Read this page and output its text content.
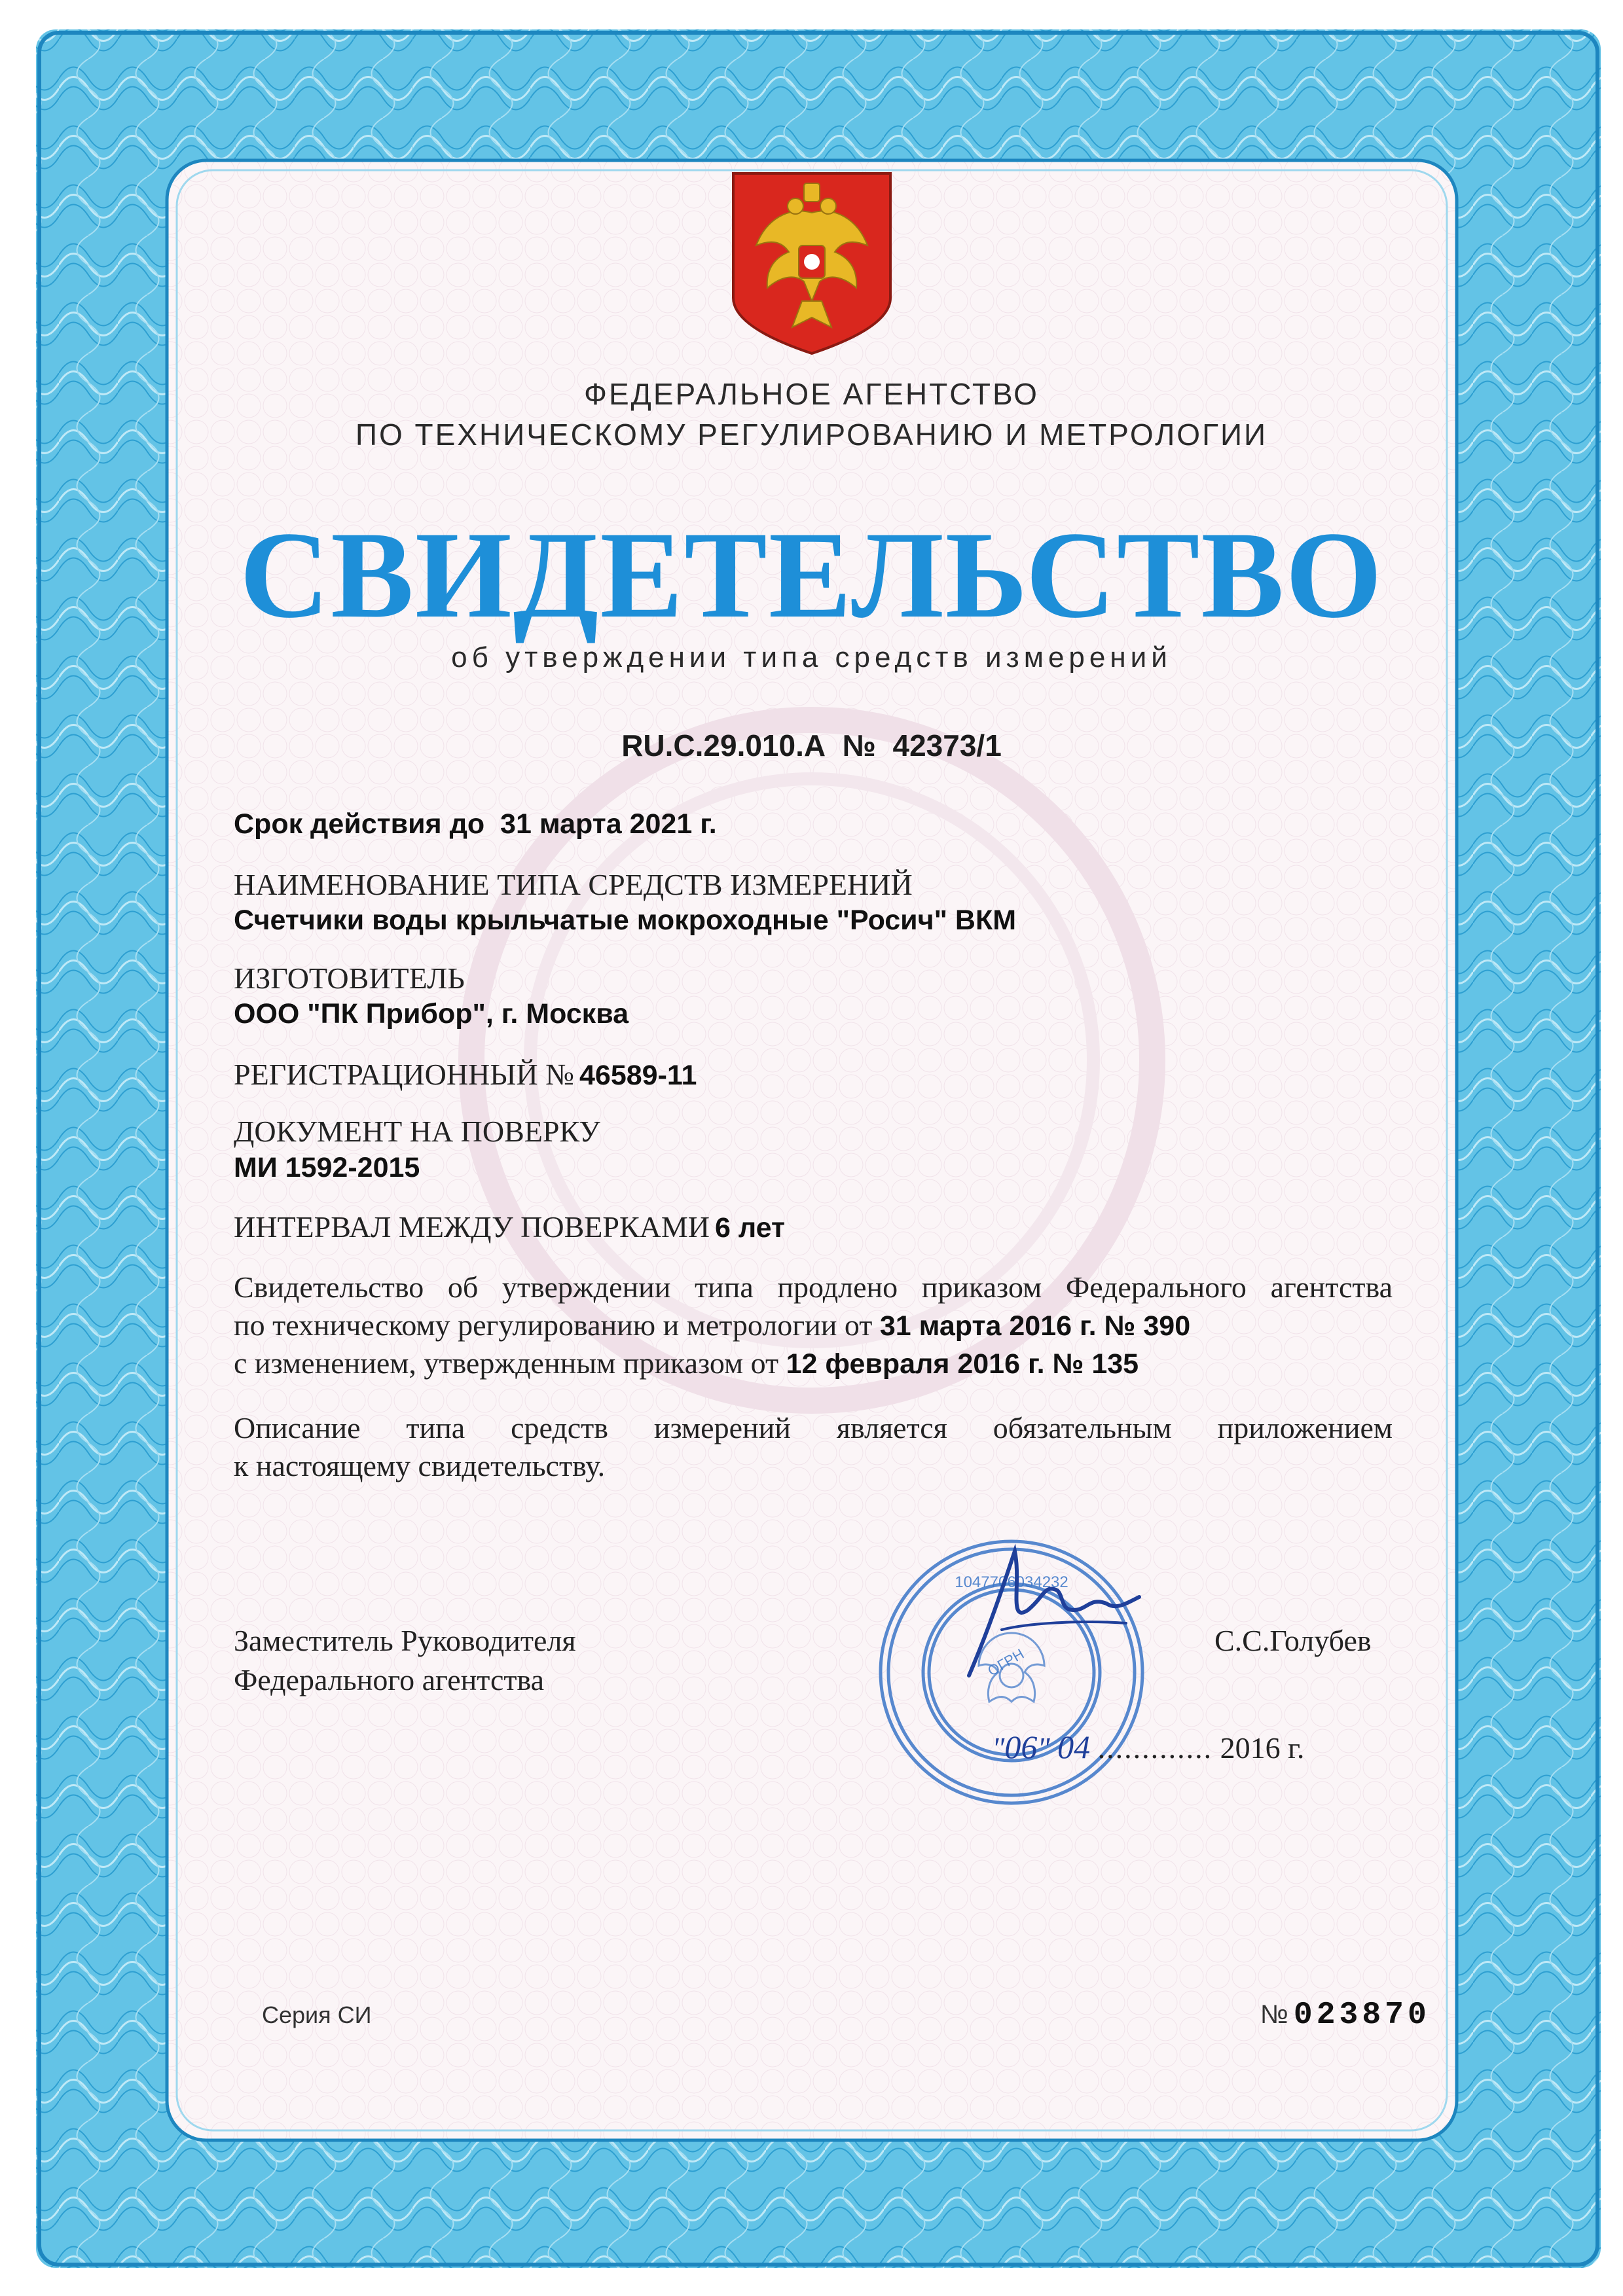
ФЕДЕРАЛЬНОЕ АГЕНТСТВО
ПО ТЕХНИЧЕСКОМУ РЕГУЛИРОВАНИЮ И МЕТРОЛОГИИ
СВИДЕТЕЛЬСТВО
об утверждении типа средств измерений
RU.C.29.010.A № 42373/1
Срок действия до 31 марта 2021 г.
НАИМЕНОВАНИЕ ТИПА СРЕДСТВ ИЗМЕРЕНИЙ
Счетчики воды крыльчатые мокроходные "Росич" ВКМ
ИЗГОТОВИТЕЛЬ
ООО "ПК Прибор", г. Москва
РЕГИСТРАЦИОННЫЙ № 46589-11
ДОКУМЕНТ НА ПОВЕРКУ
МИ 1592-2015
ИНТЕРВАЛ МЕЖДУ ПОВЕРКАМИ 6 лет
Свидетельство об утверждении типа продлено приказом Федерального агентства
по техническому регулированию и метрологии от 31 марта 2016 г. № 390
с изменением, утвержденным приказом от 12 февраля 2016 г. № 135
Описание типа средств измерений является обязательным приложением
к настоящему свидетельству.
Заместитель Руководителя
Федерального агентства
С.С.Голубев
ОГРН
1047706034232
"06" 04 ............. 2016 г.
Серия СИ	№ 023870
